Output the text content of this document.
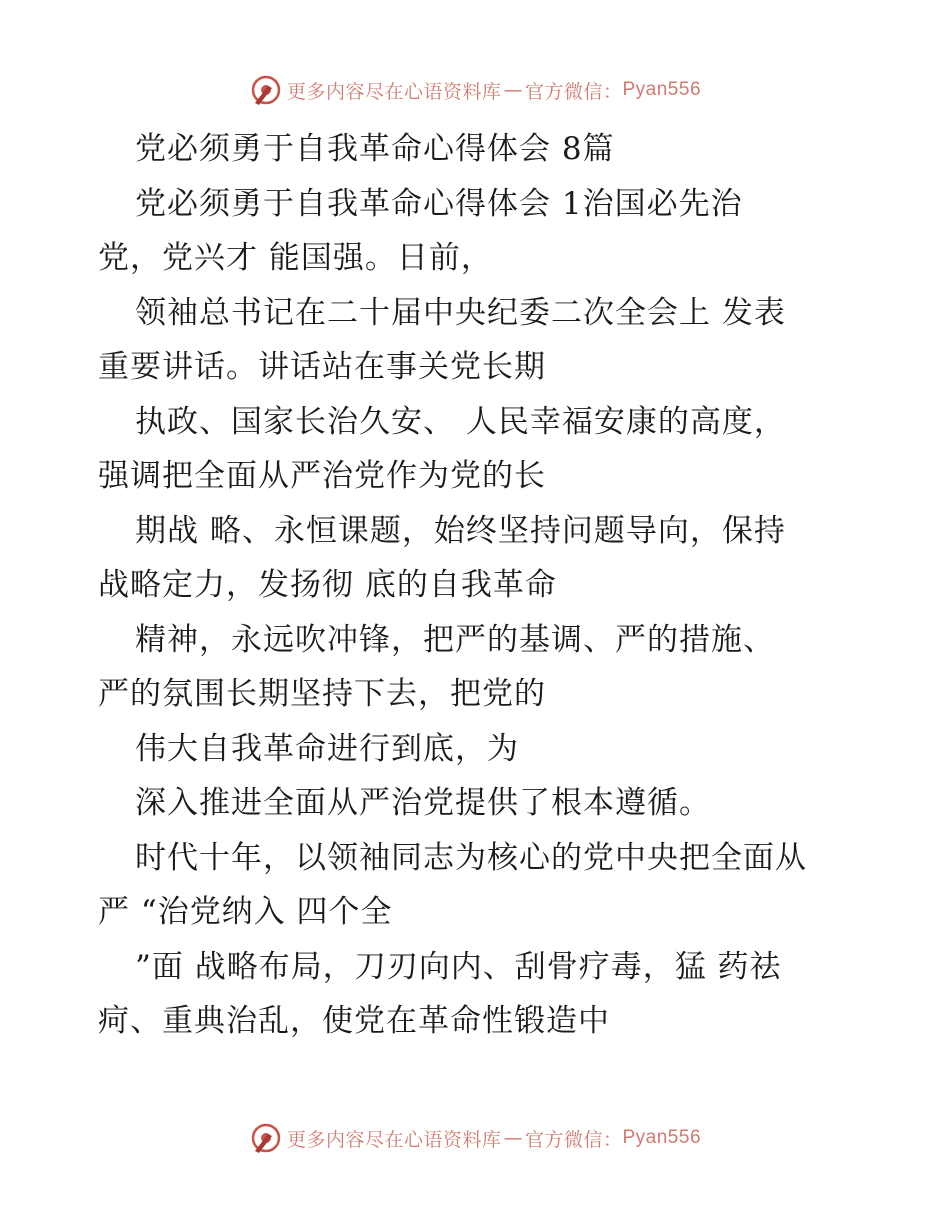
更多内容尽在心语资料库 — 官方微信： Pyan556
党必须勇于自我革命心得体会 8篇
党必须勇于自我革命心得体会 1治国必先治
党，党兴才 能国强。日前，
领袖总书记在二十届中央纪委二次全会上 发表
重要讲话。讲话站在事关党长期
执政、国家长治久安、 人民幸福安康的高度，
强调把全面从严治党作为党的长
期战 略、永恒课题，始终坚持问题导向，保持
战略定力，发扬彻 底的自我革命
精神，永远吹冲锋，把严的基调、严的措施、
严的氛围长期坚持下去，把党的
伟大自我革命进行到底，为
深入推进全面从严治党提供了根本遵循。
时代十年，以领袖同志为核心的党中央把全面从
严 “治党纳入 四个全
”面 战略布局，刀刃向内、刮骨疗毒，猛 药祛
疴、重典治乱，使党在革命性锻造中
更多内容尽在心语资料库 — 官方微信： Pyan556
